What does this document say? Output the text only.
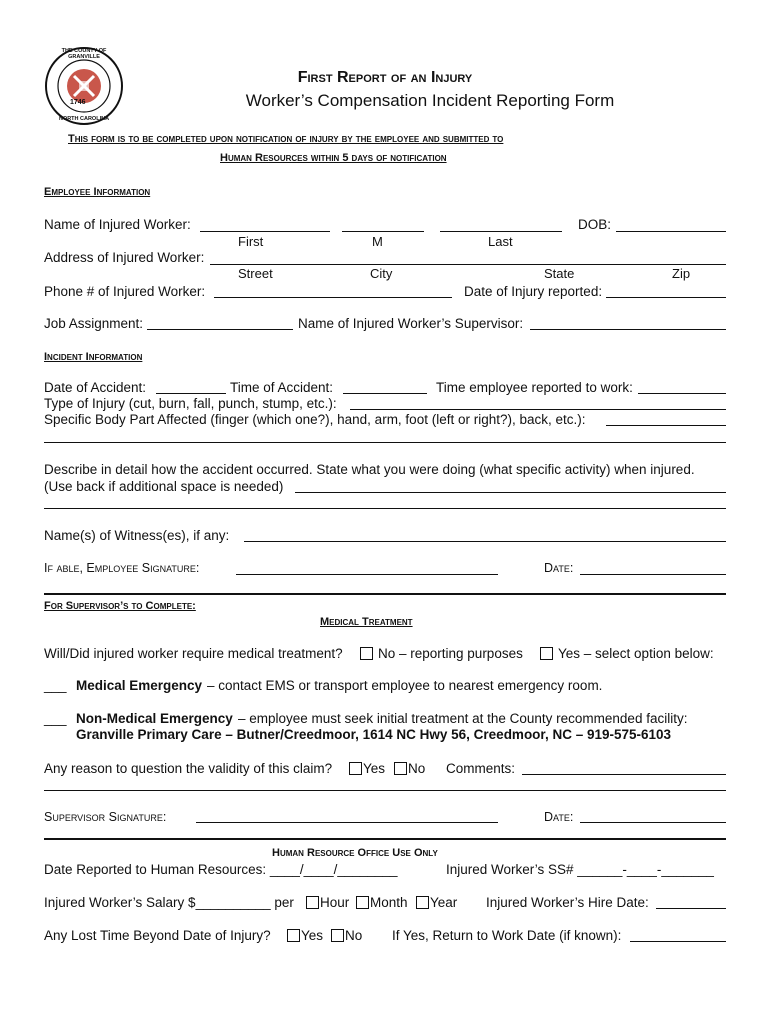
1746
THE COUNTY OF GRANVILLE
NORTH CAROLINA
First Report of an Injury
Worker’s Compensation Incident Reporting Form
This form is to be completed upon notification of injury by the employee and submitted to
Human Resources within 5 days of notification
Employee Information
Name of Injured Worker:	DOB:
First	M	Last
Address of Injured Worker:
Street	City	State	Zip
Phone # of Injured Worker:	Date of Injury reported:
Job Assignment:	Name of Injured Worker’s Supervisor:
Incident Information
Date of Accident:	Time of Accident:	Time employee reported to work:
Type of Injury (cut, burn, fall, punch, stump, etc.):
Specific Body Part Affected (finger (which one?), hand, arm, foot (left or right?), back, etc.):
Describe in detail how the accident occurred. State what you were doing (what specific activity) when injured.
(Use back if additional space is needed)
Name(s) of Witness(es), if any:
If able, Employee Signature:	Date:
For Supervisor’s to Complete:
Medical Treatment
Will/Did injured worker require medical treatment?	No – reporting purposes	Yes – select option below:
___ Medical Emergency – contact EMS or transport employee to nearest emergency room.
___ Non-Medical Emergency – employee must seek initial treatment at the County recommended facility:
Granville Primary Care – Butner/Creedmoor, 1614 NC Hwy 56, Creedmoor, NC – 919-575-6103
Any reason to question the validity of this claim? Yes No Comments:
Supervisor Signature:	Date:
Human Resource Office Use Only
Date Reported to Human Resources: ____/____/________	Injured Worker’s SS# ______-____-_______
Injured Worker’s Salary $__________ per Hour Month Year Injured Worker’s Hire Date:
Any Lost Time Beyond Date of Injury? Yes No If Yes, Return to Work Date (if known):
